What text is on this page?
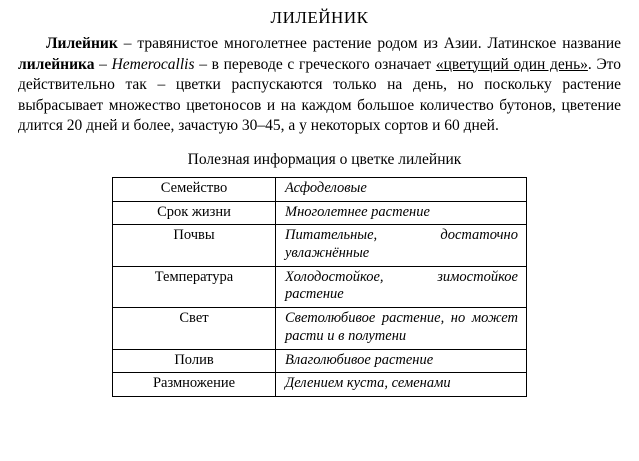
ЛИЛЕЙНИК

Лилейник – травянистое многолетнее растение родом из Азии. Латинское название лилейника – Hemerocallis – в переводе с греческого означает «цветущий один день». Это действительно так – цветки распускаются только на день, но поскольку растение выбрасывает множество цветоносов и на каждом большое количество бутонов, цветение длится 20 дней и более, зачастую 30–45, а у некоторых сортов и 60 дней.

Полезная информация о цветке лилейник
Семейство	Асфоделовые
Срок жизни	Многолетнее растение
Почвы	Питательные, достаточно увлажнённые
Температура	Холодостойкое, зимостойкое растение
Свет	Светолюбивое растение, но может расти и в полутени
Полив	Влаголюбивое растение
Размножение	Делением куста, семенами
